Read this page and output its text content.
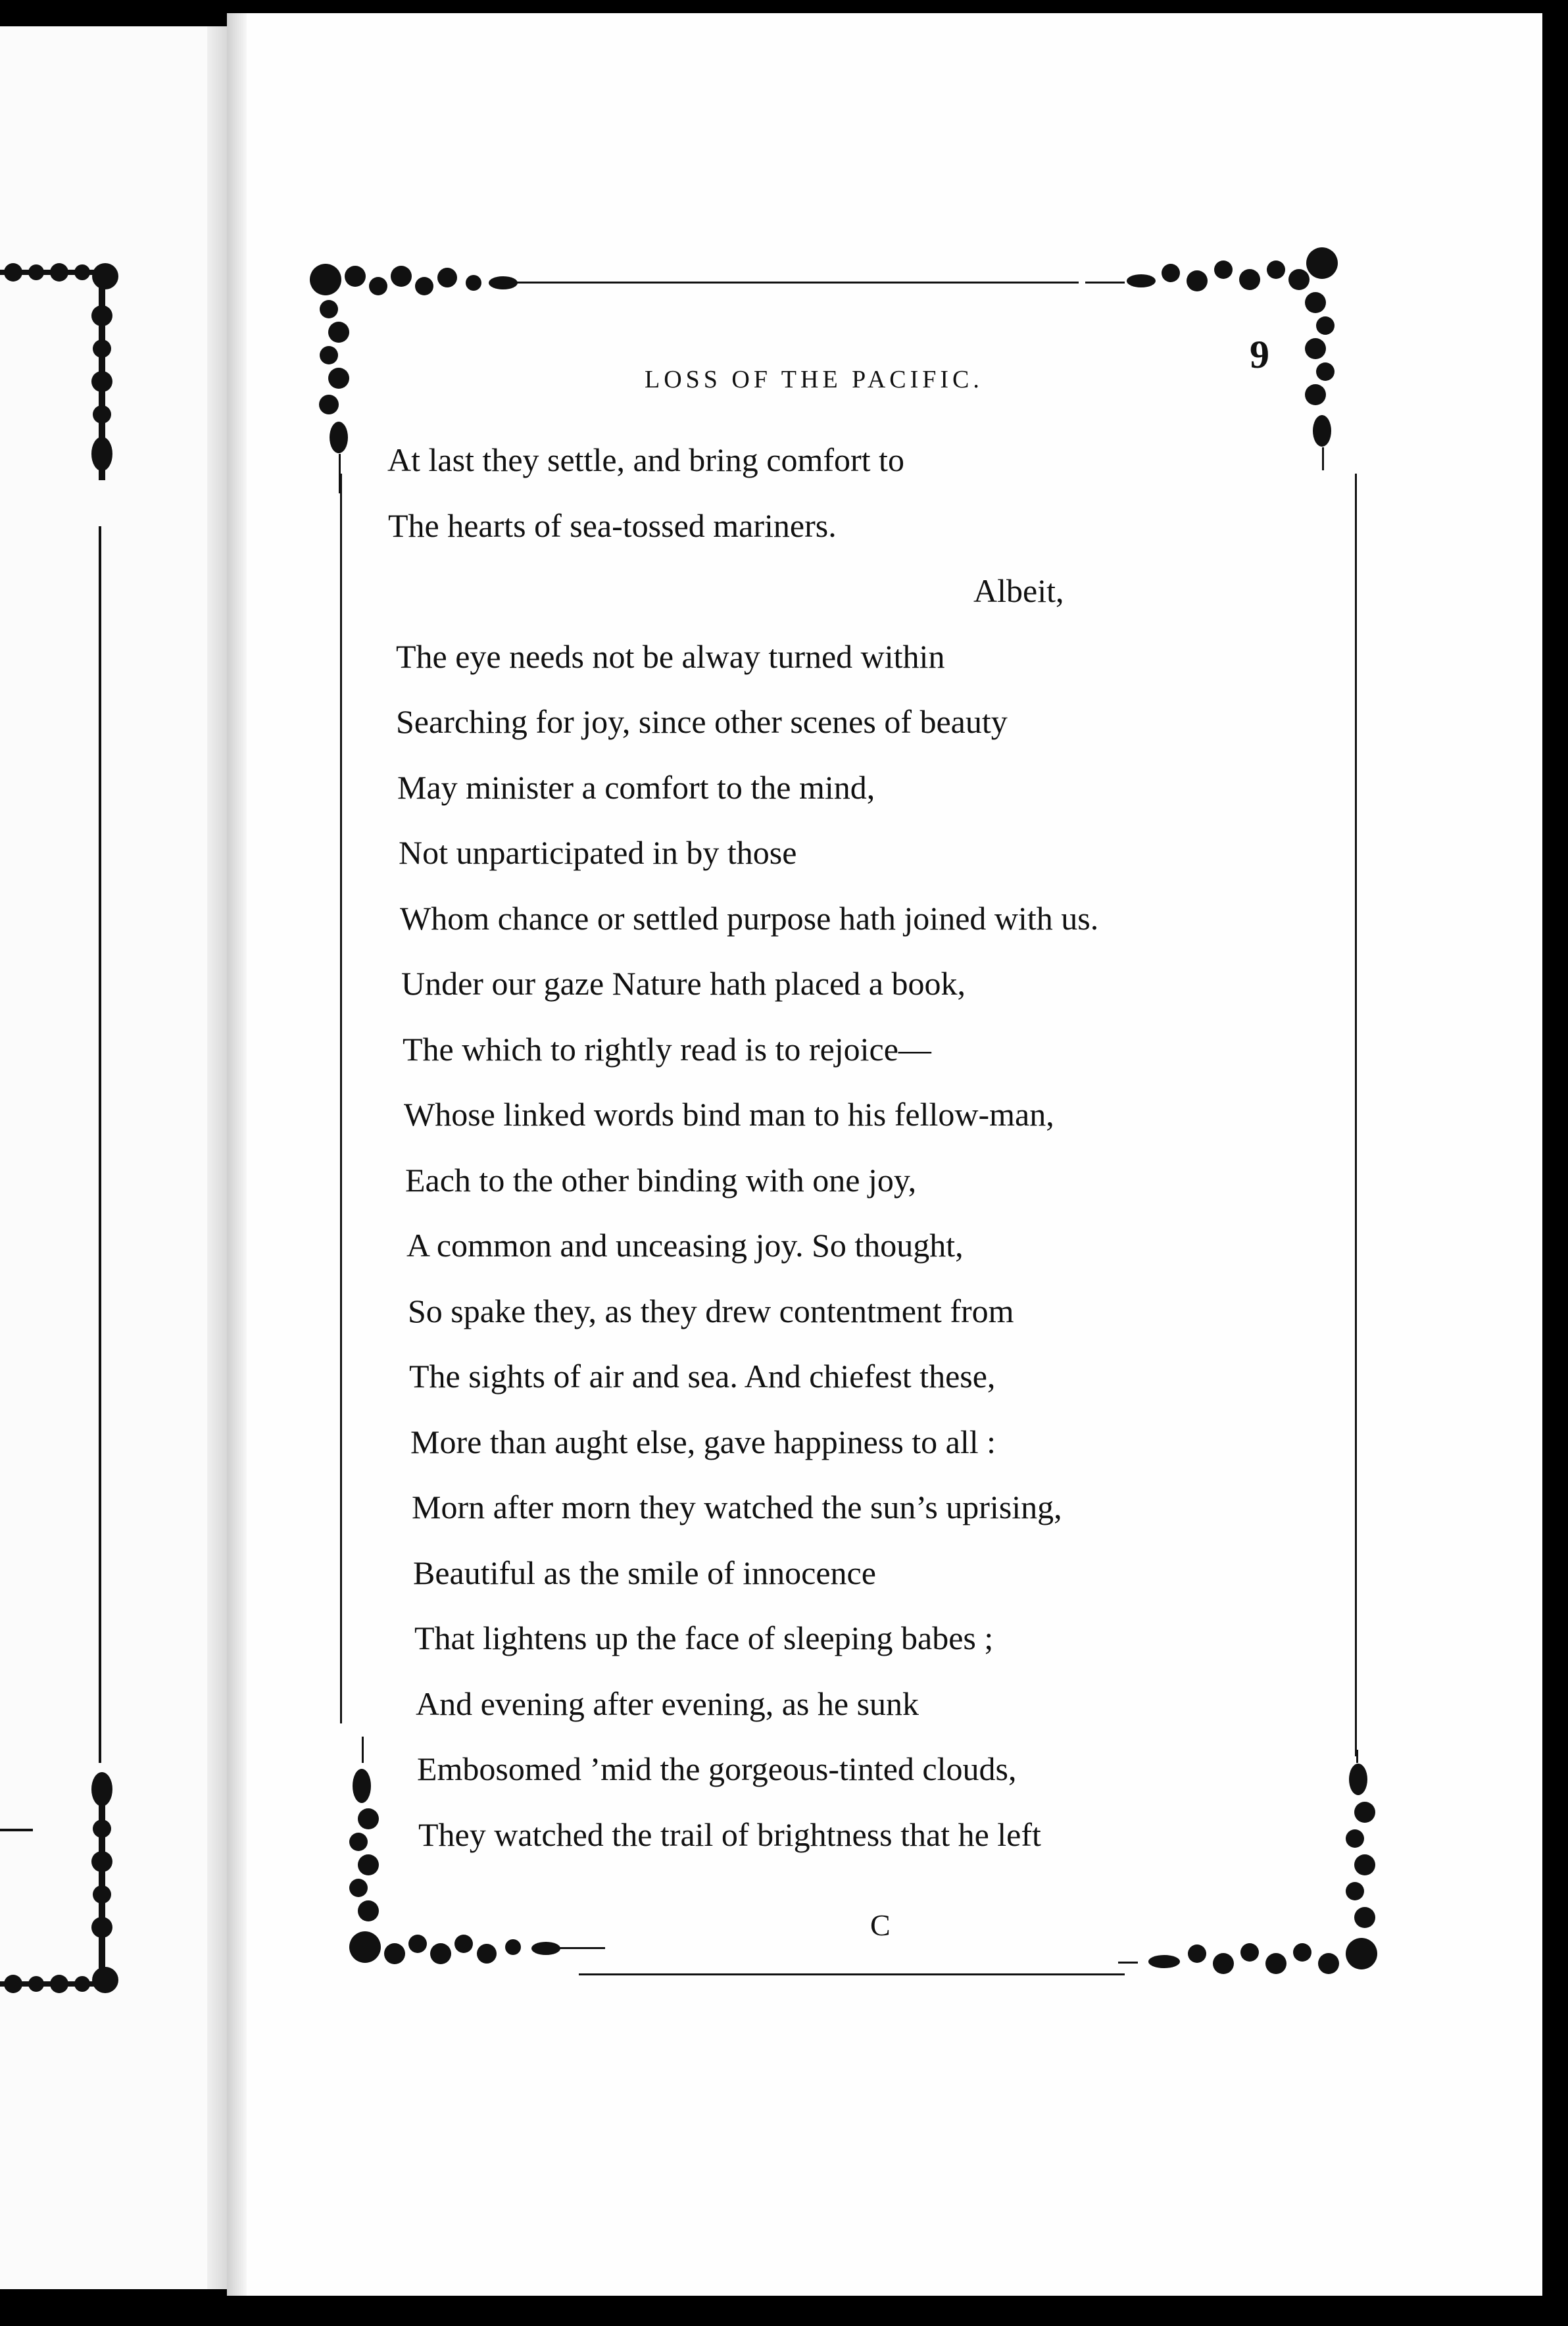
LOSS OF THE PACIFIC.
9
At last they settle, and bring comfort to
The hearts of sea-tossed mariners.
Albeit,
The eye needs not be alway turned within
Searching for joy, since other scenes of beauty
May minister a comfort to the mind,
Not unparticipated in by those
Whom chance or settled purpose hath joined with us.
Under our gaze Nature hath placed a book,
The which to rightly read is to rejoice—
Whose linked words bind man to his fellow-man,
Each to the other binding with one joy,
A common and unceasing joy. So thought,
So spake they, as they drew contentment from
The sights of air and sea. And chiefest these,
More than aught else, gave happiness to all :
Morn after morn they watched the sun’s uprising,
Beautiful as the smile of innocence
That lightens up the face of sleeping babes ;
And evening after evening, as he sunk
Embosomed ’mid the gorgeous-tinted clouds,
They watched the trail of brightness that he left
C
